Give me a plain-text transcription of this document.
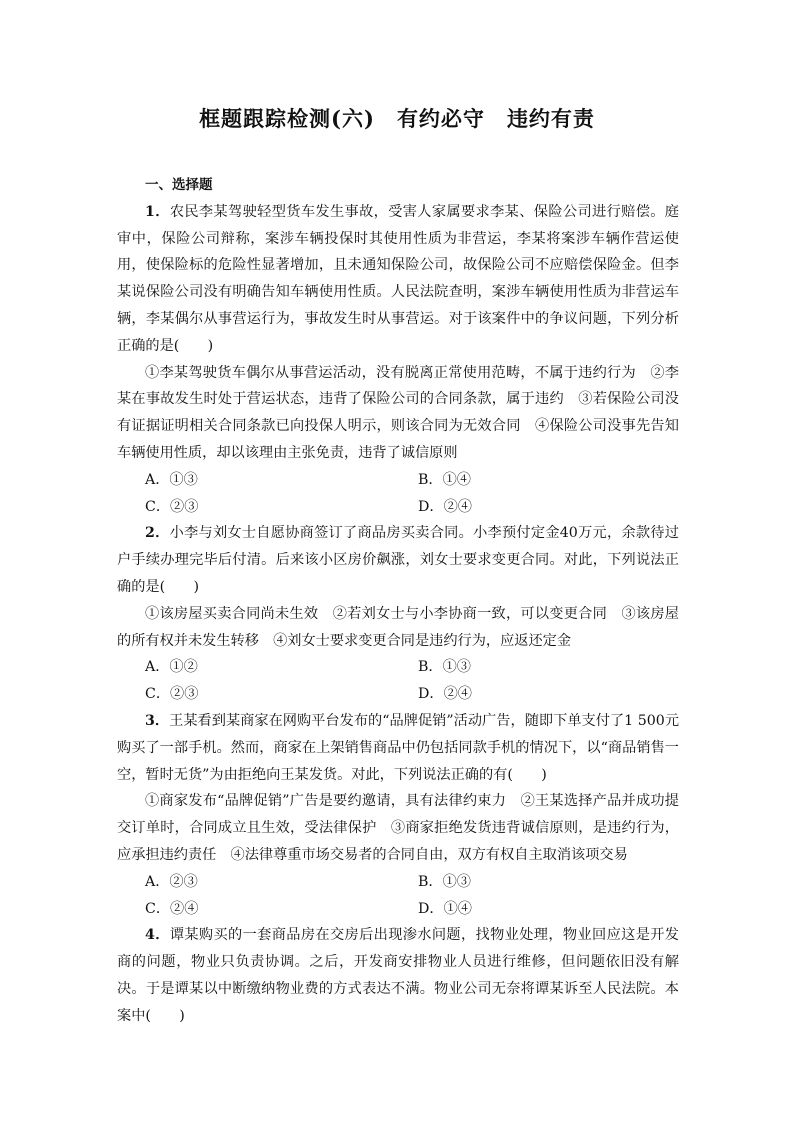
框题跟踪检测(六) 有约必守 违约有责
一、选择题

1．农民李某驾驶轻型货车发生事故，受害人家属要求李某、保险公司进行赔偿。庭审中，保险公司辩称，案涉车辆投保时其使用性质为非营运，李某将案涉车辆作营运使用，使保险标的危险性显著增加，且未通知保险公司，故保险公司不应赔偿保险金。但李某说保险公司没有明确告知车辆使用性质。人民法院查明，案涉车辆使用性质为非营运车辆，李某偶尔从事营运行为，事故发生时从事营运。对于该案件中的争议问题，下列分析正确的是(　　)

①李某驾驶货车偶尔从事营运活动，没有脱离正常使用范畴，不属于违约行为　②李某在事故发生时处于营运状态，违背了保险公司的合同条款，属于违约　③若保险公司没有证据证明相关合同条款已向投保人明示，则该合同为无效合同　④保险公司没事先告知车辆使用性质，却以该理由主张免责，违背了诚信原则

A．①③	B．①④
C．②③	D．②④

2．小李与刘女士自愿协商签订了商品房买卖合同。小李预付定金40万元，余款待过户手续办理完毕后付清。后来该小区房价飙涨，刘女士要求变更合同。对此，下列说法正确的是(　　)

①该房屋买卖合同尚未生效　②若刘女士与小李协商一致，可以变更合同　③该房屋的所有权并未发生转移　④刘女士要求变更合同是违约行为，应返还定金

A．①②	B．①③
C．②③	D．②④

3．王某看到某商家在网购平台发布的“品牌促销”活动广告，随即下单支付了1 500元购买了一部手机。然而，商家在上架销售商品中仍包括同款手机的情况下，以“商品销售一空，暂时无货”为由拒绝向王某发货。对此，下列说法正确的有(　　)

①商家发布“品牌促销”广告是要约邀请，具有法律约束力　②王某选择产品并成功提交订单时，合同成立且生效，受法律保护　③商家拒绝发货违背诚信原则，是违约行为，应承担违约责任　④法律尊重市场交易者的合同自由，双方有权自主取消该项交易

A．②③	B．①③
C．②④	D．①④

4．谭某购买的一套商品房在交房后出现渗水问题，找物业处理，物业回应这是开发商的问题，物业只负责协调。之后，开发商安排物业人员进行维修，但问题依旧没有解决。于是谭某以中断缴纳物业费的方式表达不满。物业公司无奈将谭某诉至人民法院。本案中(　　)
